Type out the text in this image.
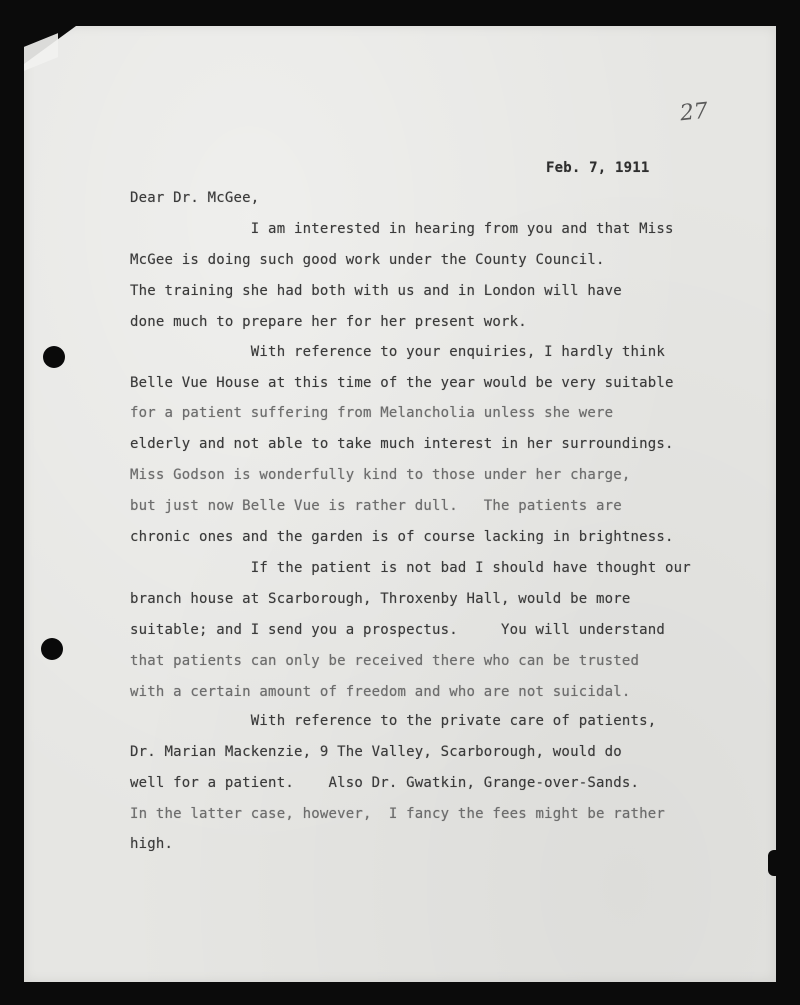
27
Feb. 7, 1911
Dear Dr. McGee,
I am interested in hearing from you and that Miss
McGee is doing such good work under the County Council.
The training she had both with us and in London will have
done much to prepare her for her present work.
With reference to your enquiries, I hardly think
Belle Vue House at this time of the year would be very suitable
for a patient suffering from Melancholia unless she were
elderly and not able to take much interest in her surroundings.
Miss Godson is wonderfully kind to those under her charge,
but just now Belle Vue is rather dull.   The patients are
chronic ones and the garden is of course lacking in brightness.
If the patient is not bad I should have thought our
branch house at Scarborough, Throxenby Hall, would be more
suitable; and I send you a prospectus.     You will understand
that patients can only be received there who can be trusted
with a certain amount of freedom and who are not suicidal.
With reference to the private care of patients,
Dr. Marian Mackenzie, 9 The Valley, Scarborough, would do
well for a patient.    Also Dr. Gwatkin, Grange-over-Sands.
In the latter case, however,  I fancy the fees might be rather
high.
